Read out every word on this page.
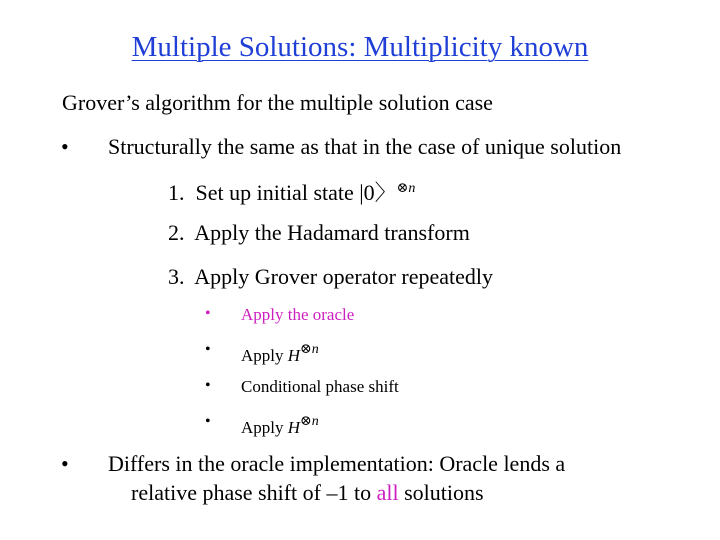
Multiple Solutions: Multiplicity known
Grover’s algorithm for the multiple solution case
• Structurally the same as that in the case of unique solution
1. Set up initial state |0〉$^{\otimes n}$
2. Apply the Hadamard transform
3. Apply Grover operator repeatedly
• Apply the oracle
• Apply $H^{\otimes n}$
• Conditional phase shift
• Apply $H^{\otimes n}$
• Differs in the oracle implementation: Oracle lends a
relative phase shift of –1 to all solutions
